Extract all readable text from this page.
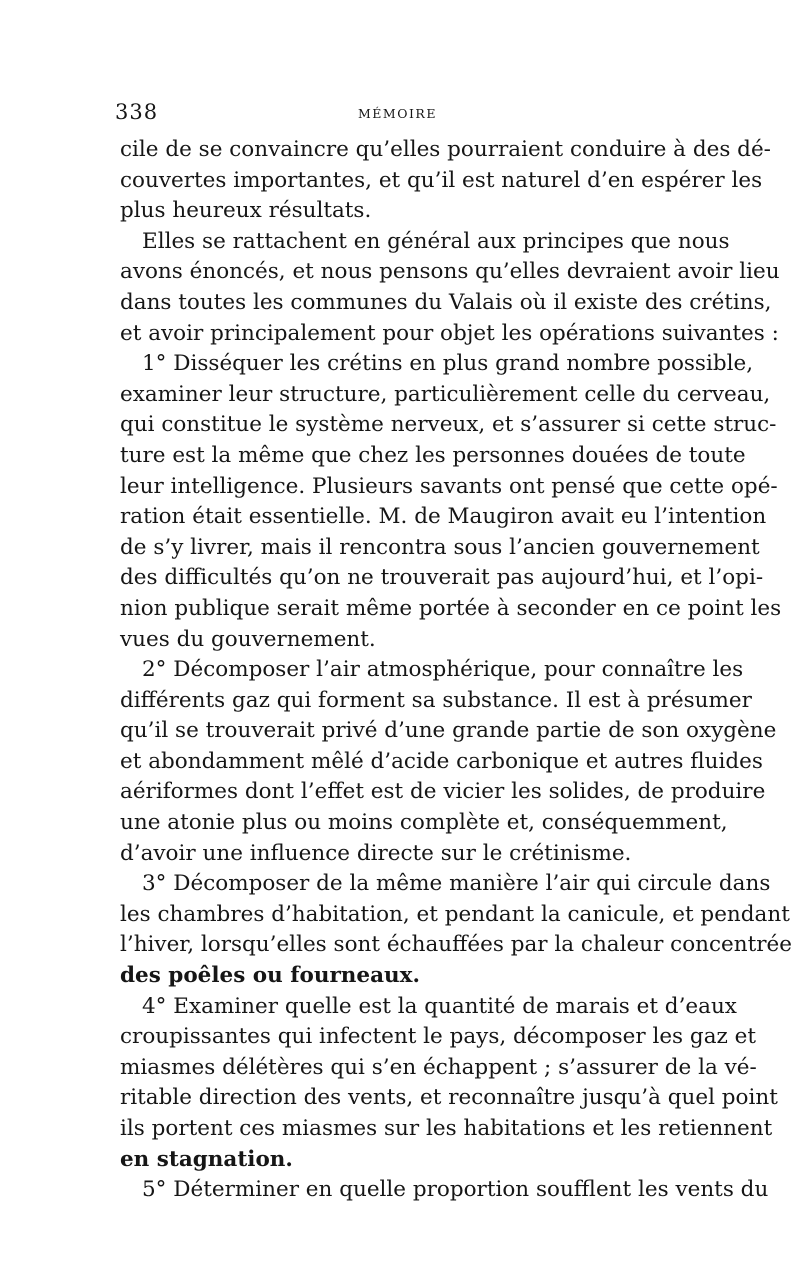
338	MÉMOIRE
cile de se convaincre qu’elles pourraient conduire à des dé-
couvertes importantes, et qu’il est naturel d’en espérer les
plus heureux résultats.
Elles se rattachent en général aux principes que nous
avons énoncés, et nous pensons qu’elles devraient avoir lieu
dans toutes les communes du Valais où il existe des crétins,
et avoir principalement pour objet les opérations suivantes :
1° Disséquer les crétins en plus grand nombre possible,
examiner leur structure, particulièrement celle du cerveau,
qui constitue le système nerveux, et s’assurer si cette struc-
ture est la même que chez les personnes douées de toute
leur intelligence. Plusieurs savants ont pensé que cette opé-
ration était essentielle. M. de Maugiron avait eu l’intention
de s’y livrer, mais il rencontra sous l’ancien gouvernement
des difficultés qu’on ne trouverait pas aujourd’hui, et l’opi-
nion publique serait même portée à seconder en ce point les
vues du gouvernement.
2° Décomposer l’air atmosphérique, pour connaître les
différents gaz qui forment sa substance. Il est à présumer
qu’il se trouverait privé d’une grande partie de son oxygène
et abondamment mêlé d’acide carbonique et autres fluides
aériformes dont l’effet est de vicier les solides, de produire
une atonie plus ou moins complète et, conséquemment,
d’avoir une influence directe sur le crétinisme.
3° Décomposer de la même manière l’air qui circule dans
les chambres d’habitation, et pendant la canicule, et pendant
l’hiver, lorsqu’elles sont échauffées par la chaleur concentrée
des poêles ou fourneaux.
4° Examiner quelle est la quantité de marais et d’eaux
croupissantes qui infectent le pays, décomposer les gaz et
miasmes délétères qui s’en échappent ; s’assurer de la vé-
ritable direction des vents, et reconnaître jusqu’à quel point
ils portent ces miasmes sur les habitations et les retiennent
en stagnation.
5° Déterminer en quelle proportion soufflent les vents du
